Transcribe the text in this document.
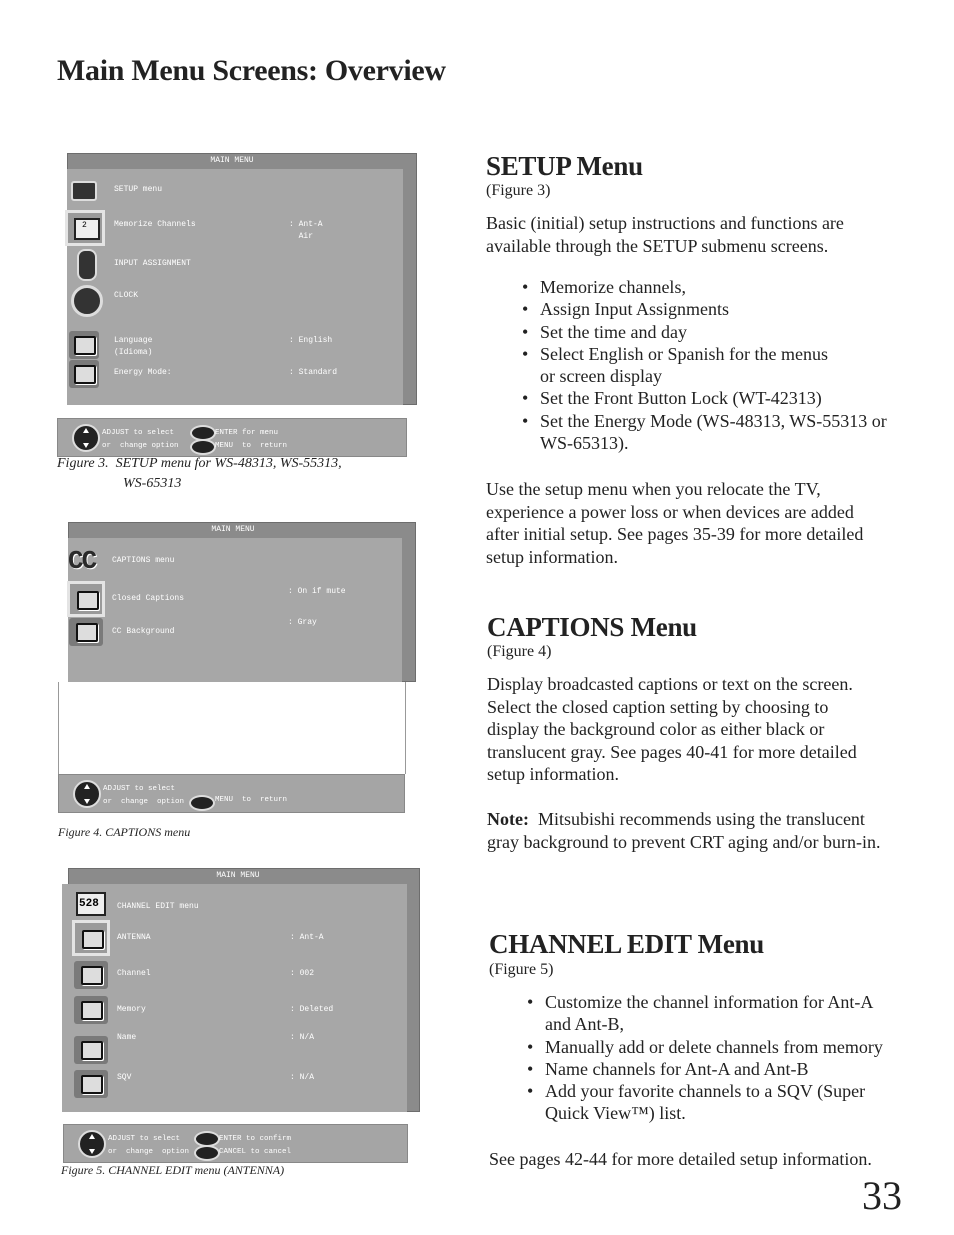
Main Menu Screens: Overview
MAIN MENU
SETUP menu
2	Memorize Channels	: Ant-A
Air
INPUT ASSIGNMENT
CLOCK
Language
(Idioma)
: English
Energy Mode:	: Standard
ADJUST to select
or  change option
ENTER for menu
MENU  to  return
Figure 3. SETUP menu for WS-48313, WS-55313,
WS-65313
MAIN MENU
CC CAPTIONS menu
Closed Captions
: On if mute
CC Background
: Gray
ADJUST to select
or  change  option	MENU  to  return
Figure 4. CAPTIONS menu
MAIN MENU
528 CHANNEL EDIT menu
ANTENNA	: Ant-A
Channel	: 002
Memory	: Deleted
Name	: N/A
SQV	: N/A
ADJUST to select
or  change  option
ENTER to confirm
CANCEL to cancel
Figure 5. CHANNEL EDIT menu (ANTENNA)
SETUP Menu
(Figure 3)
Basic (initial) setup instructions and functions are available through the SETUP submenu screens.
• Memorize channels,
• Assign Input Assignments
• Set the time and day
• Select English or Spanish for the menus or screen display
• Set the Front Button Lock (WT-42313)
• Set the Energy Mode (WS-48313, WS-55313 or WS-65313).
Use the setup menu when you relocate the TV, experience a power loss or when devices are added after initial setup. See pages 35-39 for more detailed setup information.
CAPTIONS Menu
(Figure 4)
Display broadcasted captions or text on the screen. Select the closed caption setting by choosing to display the background color as either black or translucent gray. See pages 40-41 for more detailed setup information.
Note: Mitsubishi recommends using the translucent gray background to prevent CRT aging and/or burn-in.
CHANNEL EDIT Menu
(Figure 5)
• Customize the channel information for Ant-A and Ant-B,
• Manually add or delete channels from memory
• Name channels for Ant-A and Ant-B
• Add your favorite channels to a SQV (Super Quick View™) list.
See pages 42-44 for more detailed setup information.
33
